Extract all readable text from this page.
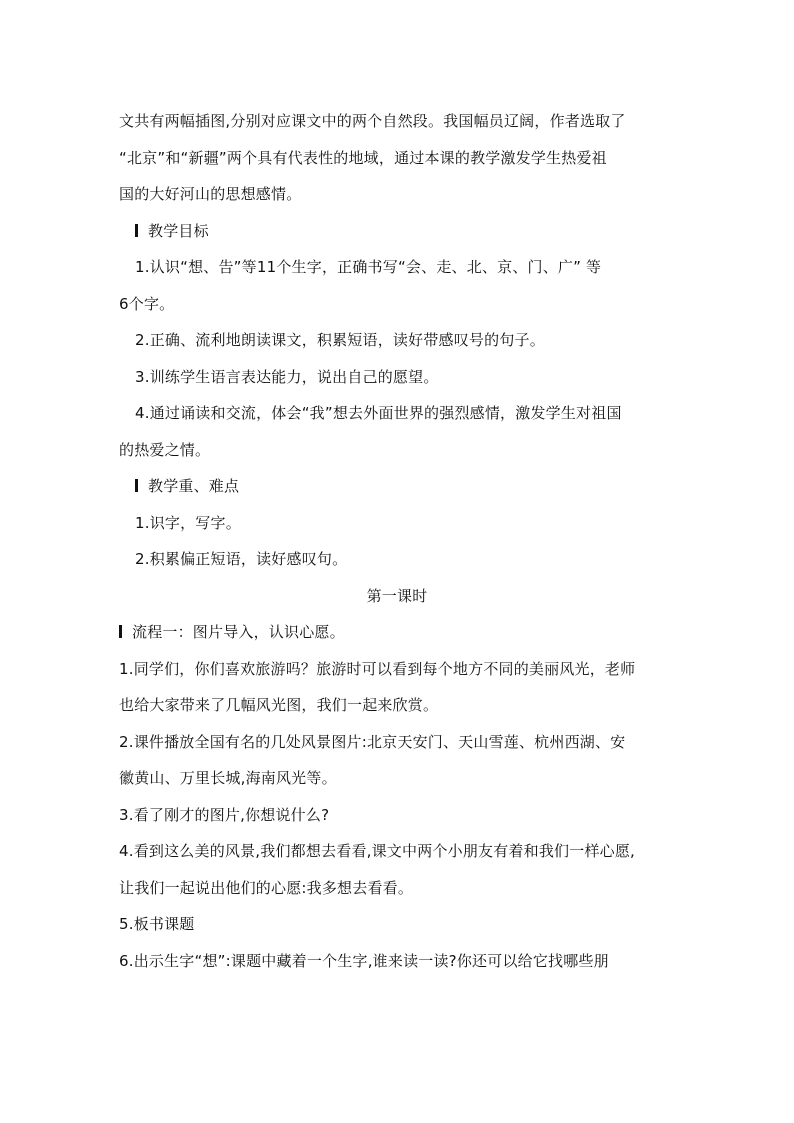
文共有两幅插图,分别对应课文中的两个自然段。我国幅员辽阔，作者选取了
“北京”和“新疆”两个具有代表性的地域，通过本课的教学激发学生热爱祖
国的大好河山的思想感情。
教学目标
1.认识“想、告”等11个生字，正确书写“会、走、北、京、门、广” 等
6个字。
2.正确、流利地朗读课文，积累短语，读好带感叹号的句子。
3.训练学生语言表达能力，说出自己的愿望。
4.通过诵读和交流，体会“我”想去外面世界的强烈感情，激发学生对祖国
的热爱之情。
教学重、难点
1.识字，写字。
2.积累偏正短语，读好感叹句。
第一课时
流程一：图片导入，认识心愿。
1.同学们，你们喜欢旅游吗？旅游时可以看到每个地方不同的美丽风光，老师
也给大家带来了几幅风光图，我们一起来欣赏。
2.课件播放全国有名的几处风景图片:北京天安门、天山雪莲、杭州西湖、安
徽黄山、万里长城,海南风光等。
3.看了刚才的图片,你想说什么?
4.看到这么美的风景,我们都想去看看,课文中两个小朋友有着和我们一样心愿,
让我们一起说出他们的心愿:我多想去看看。
5.板书课题
6.出示生字“想”:课题中藏着一个生字,谁来读一读?你还可以给它找哪些朋
